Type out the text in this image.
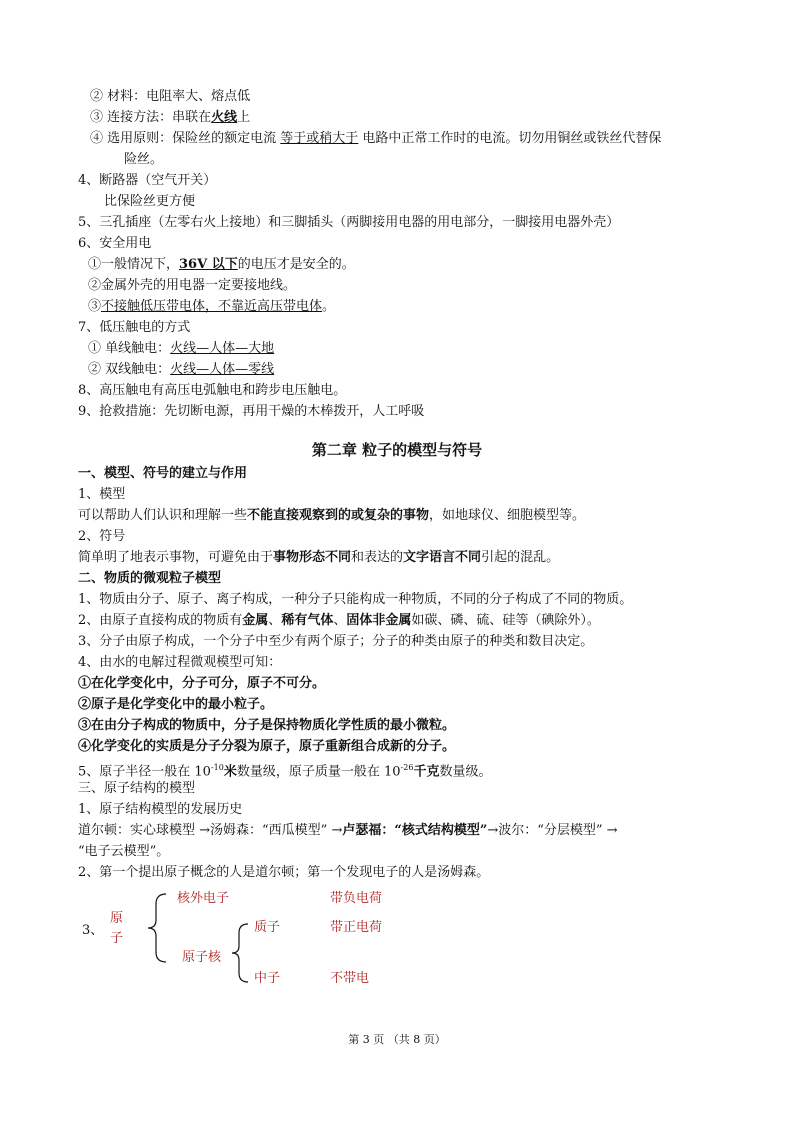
② 材料：电阻率大、熔点低
③ 连接方法：串联在火线上
④ 选用原则：保险丝的额定电流 等于或稍大于 电路中正常工作时的电流。切勿用铜丝或铁丝代替保
险丝。
4、断路器（空气开关）
比保险丝更方便
5、三孔插座（左零右火上接地）和三脚插头（两脚接用电器的用电部分，一脚接用电器外壳）
6、安全用电
①一般情况下，36V 以下的电压才是安全的。
②金属外壳的用电器一定要接地线。
③不接触低压带电体，不靠近高压带电体。
7、低压触电的方式
① 单线触电：火线—人体—大地
② 双线触电：火线—人体—零线
8、高压触电有高压电弧触电和跨步电压触电。
9、抢救措施：先切断电源，再用干燥的木棒拨开，人工呼吸
第二章 粒子的模型与符号
一、模型、符号的建立与作用
1、模型
可以帮助人们认识和理解一些不能直接观察到的或复杂的事物，如地球仪、细胞模型等。
2、符号
简单明了地表示事物，可避免由于事物形态不同和表达的文字语言不同引起的混乱。
二、物质的微观粒子模型
1、物质由分子、原子、离子构成，一种分子只能构成一种物质，不同的分子构成了不同的物质。
2、由原子直接构成的物质有金属、稀有气体、固体非金属如碳、磷、硫、硅等（碘除外）。
3、分子由原子构成，一个分子中至少有两个原子；分子的种类由原子的种类和数目决定。
4、由水的电解过程微观模型可知：
①在化学变化中，分子可分，原子不可分。
②原子是化学变化中的最小粒子。
③在由分子构成的物质中，分子是保持物质化学性质的最小微粒。
④化学变化的实质是分子分裂为原子，原子重新组合成新的分子。
5、原子半径一般在 $10^{-10}$米数量级，原子质量一般在 $10^{-26}$千克数量级。
三、原子结构的模型
1、原子结构模型的发展历史
道尔顿：实心球模型 →汤姆森：“西瓜模型” →卢瑟福：“核式结构模型”→波尔：“分层模型” →
“电子云模型”。
2、第一个提出原子概念的人是道尔顿；第一个发现电子的人是汤姆森。
3、
原
子
核外电子	带负电荷
原子核
质子	带正电荷
中子	不带电
第 3 页 （共 8 页）
